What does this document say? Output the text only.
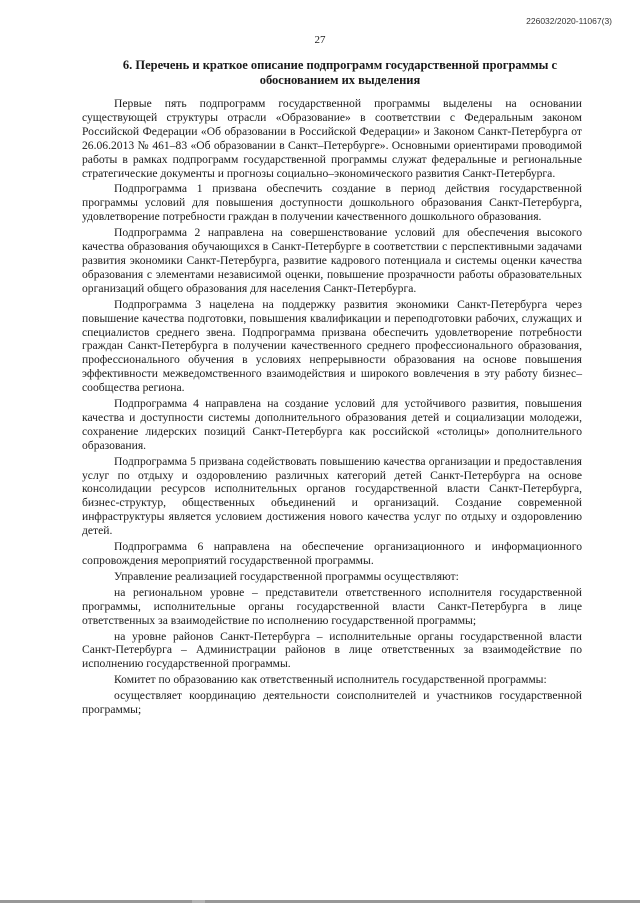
226032/2020-11067(3)
27
6. Перечень и краткое описание подпрограмм государственной программы с обоснованием их выделения

Первые пять подпрограмм государственной программы выделены на основании существующей структуры отрасли «Образование» в соответствии с Федеральным законом Российской Федерации «Об образовании в Российской Федерации» и Законом Санкт-Петербурга от 26.06.2013 № 461–83 «Об образовании в Санкт–Петербурге». Основными ориентирами проводимой работы в рамках подпрограмм государственной программы служат федеральные и региональные стратегические документы и прогнозы социально–экономического развития Санкт-Петербурга.

Подпрограмма 1 призвана обеспечить создание в период действия государственной программы условий для повышения доступности дошкольного образования Санкт-Петербурга, удовлетворение потребности граждан в получении качественного дошкольного образования.

Подпрограмма 2 направлена на совершенствование условий для обеспечения высокого качества образования обучающихся в Санкт-Петербурге в соответствии с перспективными задачами развития экономики Санкт-Петербурга, развитие кадрового потенциала и системы оценки качества образования с элементами независимой оценки, повышение прозрачности работы образовательных организаций общего образования для населения Санкт-Петербурга.

Подпрограмма 3 нацелена на поддержку развития экономики Санкт-Петербурга через повышение качества подготовки, повышения квалификации и переподготовки рабочих, служащих и специалистов среднего звена. Подпрограмма призвана обеспечить удовлетворение потребности граждан Санкт-Петербурга в получении качественного среднего профессионального образования, профессионального обучения в условиях непрерывности образования на основе повышения эффективности межведомственного взаимодействия и широкого вовлечения в эту работу бизнес–сообщества региона.

Подпрограмма 4 направлена на создание условий для устойчивого развития, повышения качества и доступности системы дополнительного образования детей и социализации молодежи, сохранение лидерских позиций Санкт-Петербурга как российской «столицы» дополнительного образования.

Подпрограмма 5 призвана содействовать повышению качества организации и предоставления услуг по отдыху и оздоровлению различных категорий детей Санкт-Петербурга на основе консолидации ресурсов исполнительных органов государственной власти Санкт-Петербурга, бизнес-структур, общественных объединений и организаций. Создание современной инфраструктуры является условием достижения нового качества услуг по отдыху и оздоровлению детей.

Подпрограмма 6 направлена на обеспечение организационного и информационного сопровождения мероприятий государственной программы.

Управление реализацией государственной программы осуществляют:

на региональном уровне – представители ответственного исполнителя государственной программы, исполнительные органы государственной власти Санкт-Петербурга в лице ответственных за взаимодействие по исполнению государственной программы;

на уровне районов Санкт-Петербурга – исполнительные органы государственной власти Санкт-Петербурга – Администрации районов в лице ответственных за взаимодействие по исполнению государственной программы.

Комитет по образованию как ответственный исполнитель государственной программы:

осуществляет координацию деятельности соисполнителей и участников государственной программы;
